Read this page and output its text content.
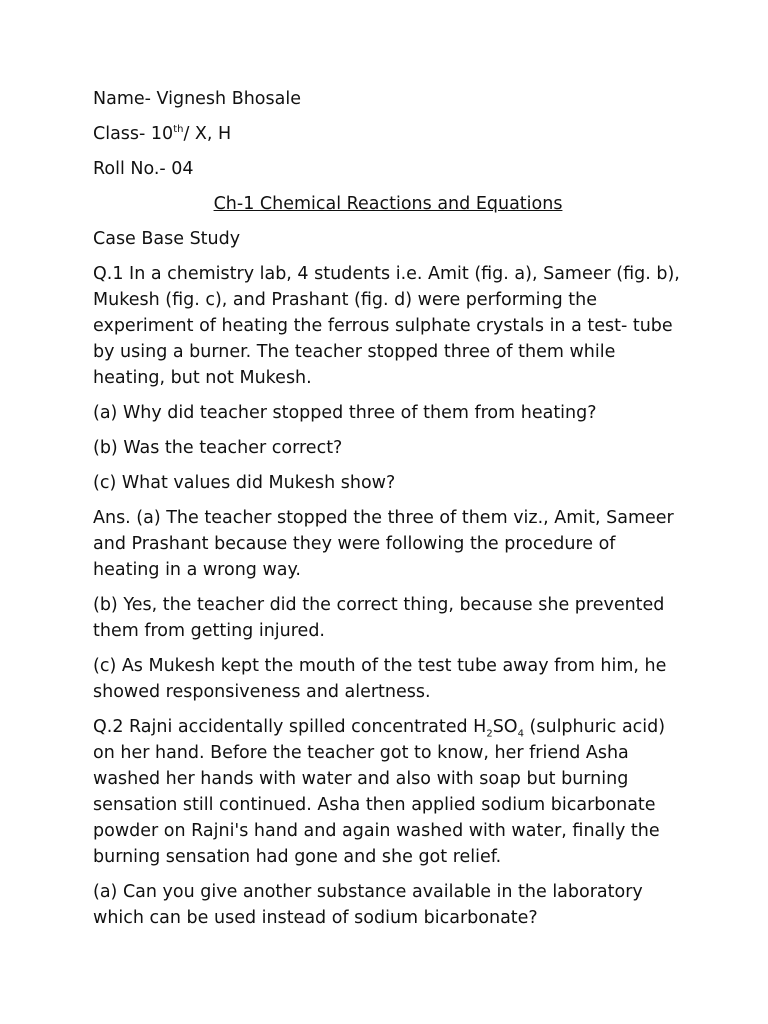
Name- Vignesh Bhosale

Class- 10th/ X, H

Roll No.- 04

Ch-1 Chemical Reactions and Equations

Case Base Study

Q.1 In a chemistry lab, 4 students i.e. Amit (fig. a), Sameer (fig. b), Mukesh (fig. c), and Prashant (fig. d) were performing the experiment of heating the ferrous sulphate crystals in a test- tube by using a burner. The teacher stopped three of them while heating, but not Mukesh.

(a) Why did teacher stopped three of them from heating?

(b) Was the teacher correct?

(c) What values did Mukesh show?

Ans. (a) The teacher stopped the three of them viz., Amit, Sameer and Prashant because they were following the procedure of heating in a wrong way.

(b) Yes, the teacher did the correct thing, because she prevented them from getting injured.

(c) As Mukesh kept the mouth of the test tube away from him, he showed responsiveness and alertness.

Q.2 Rajni accidentally spilled concentrated $H_2SO_4$ (sulphuric acid) on her hand. Before the teacher got to know, her friend Asha washed her hands with water and also with soap but burning sensation still continued. Asha then applied sodium bicarbonate powder on Rajni's hand and again washed with water, finally the burning sensation had gone and she got relief.

(a) Can you give another substance available in the laboratory which can be used instead of sodium bicarbonate?
